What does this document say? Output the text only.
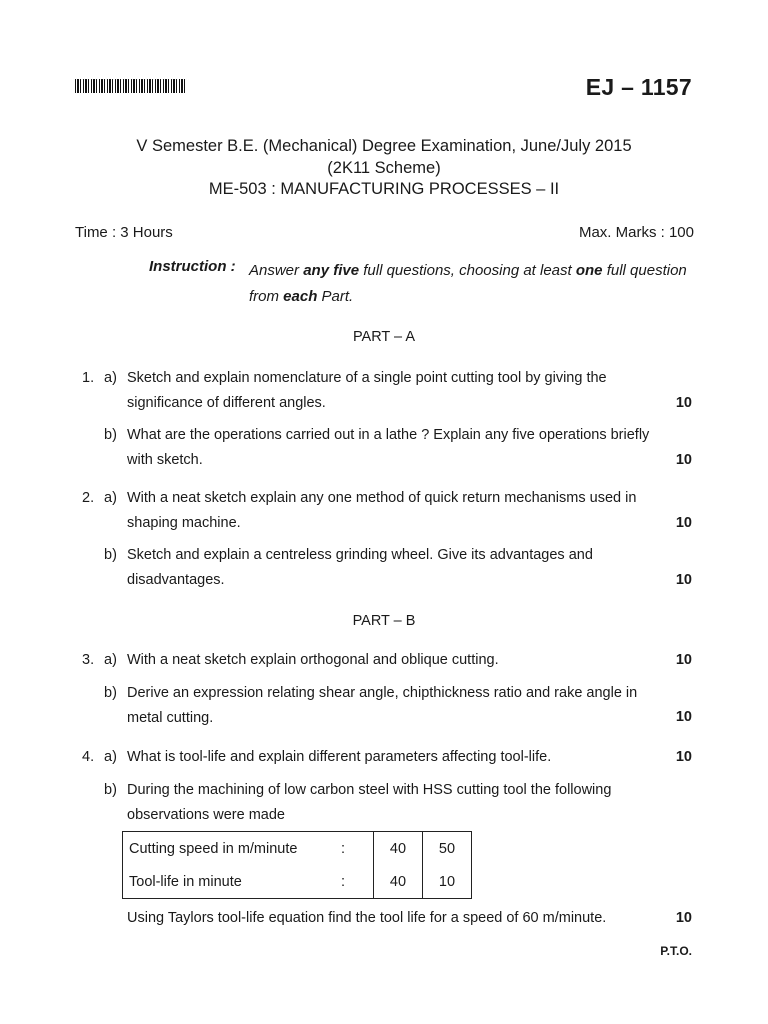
EJ – 1157
V Semester B.E. (Mechanical) Degree Examination, June/July 2015
(2K11 Scheme)
ME-503 : MANUFACTURING PROCESSES – II
Time : 3 Hours	Max. Marks : 100
Instruction : Answer any five full questions, choosing at least one full question from each Part.
PART – A
1. a) Sketch and explain nomenclature of a single point cutting tool by giving the significance of different angles.	10
b) What are the operations carried out in a lathe ? Explain any five operations briefly with sketch.	10
2. a) With a neat sketch explain any one method of quick return mechanisms used in shaping machine.	10
b) Sketch and explain a centreless grinding wheel. Give its advantages and disadvantages.	10
PART – B
3. a) With a neat sketch explain orthogonal and oblique cutting.	10
b) Derive an expression relating shear angle, chipthickness ratio and rake angle in metal cutting.	10
4. a) What is tool-life and explain different parameters affecting tool-life.	10
b) During the machining of low carbon steel with HSS cutting tool the following observations were made
Cutting speed in m/minute	:	40	50
Tool-life in minute	:	40	10
Using Taylors tool-life equation find the tool life for a speed of 60 m/minute.	10
P.T.O.
